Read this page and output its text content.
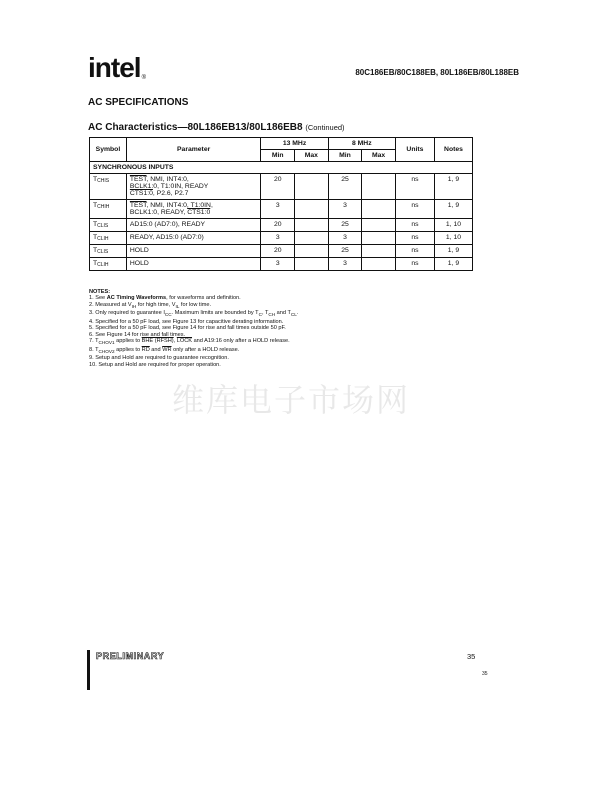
intel®
80C186EB/80C188EB, 80L186EB/80L188EB
AC SPECIFICATIONS
AC Characteristics—80L186EB13/80L186EB8 (Continued)
Symbol	Parameter	13 MHz		8 MHz		Units	Notes
		Min	Max	Min	Max		
SYNCHRONOUS INPUTS							
TCHIS	TEST, NMI, INT4:0,
BCLK1:0, T1:0IN, READY
CTS1:0, P2.6, P2.7	20		25		ns	1, 9
TCHIH	TEST, NMI, INT4:0, T1:0IN,
BCLK1:0, READY, CTS1:0	3		3		ns	1, 9
TCLIS	AD15:0 (AD7:0), READY	20		25		ns	1, 10
TCLIH	READY, AD15:0 (AD7:0)	3		3		ns	1, 10
TCLIS	HOLD	20		25		ns	1, 9
TCLIH	HOLD	3		3		ns	1, 9
NOTES:
1. See AC Timing Waveforms, for waveforms and definition.
2. Measured at $V_{IH}$ for high time, $V_{IL}$ for low time.
3. Only required to guarantee $I_{CC}$. Maximum limits are bounded by $T_C$, $T_{CH}$ and $T_{CL}$.
4. Specified for a 50 pF load, see Figure 13 for capacitive derating information.
5. Specified for a 50 pF load, see Figure 14 for rise and fall times outside 50 pF.
6. See Figure 14 for rise and fall times.
7. $T_{CHOV1}$ applies to BHE (RFSH), LOCK and A19:16 only after a HOLD release.
8. $T_{CHOV2}$ applies to $\overline{RD}$ and $\overline{WR}$ only after a HOLD release.
9. Setup and Hold are required to guarantee recognition.
10. Setup and Hold are required for proper operation.
维库电子市场网
PRELIMINARY	35
35
